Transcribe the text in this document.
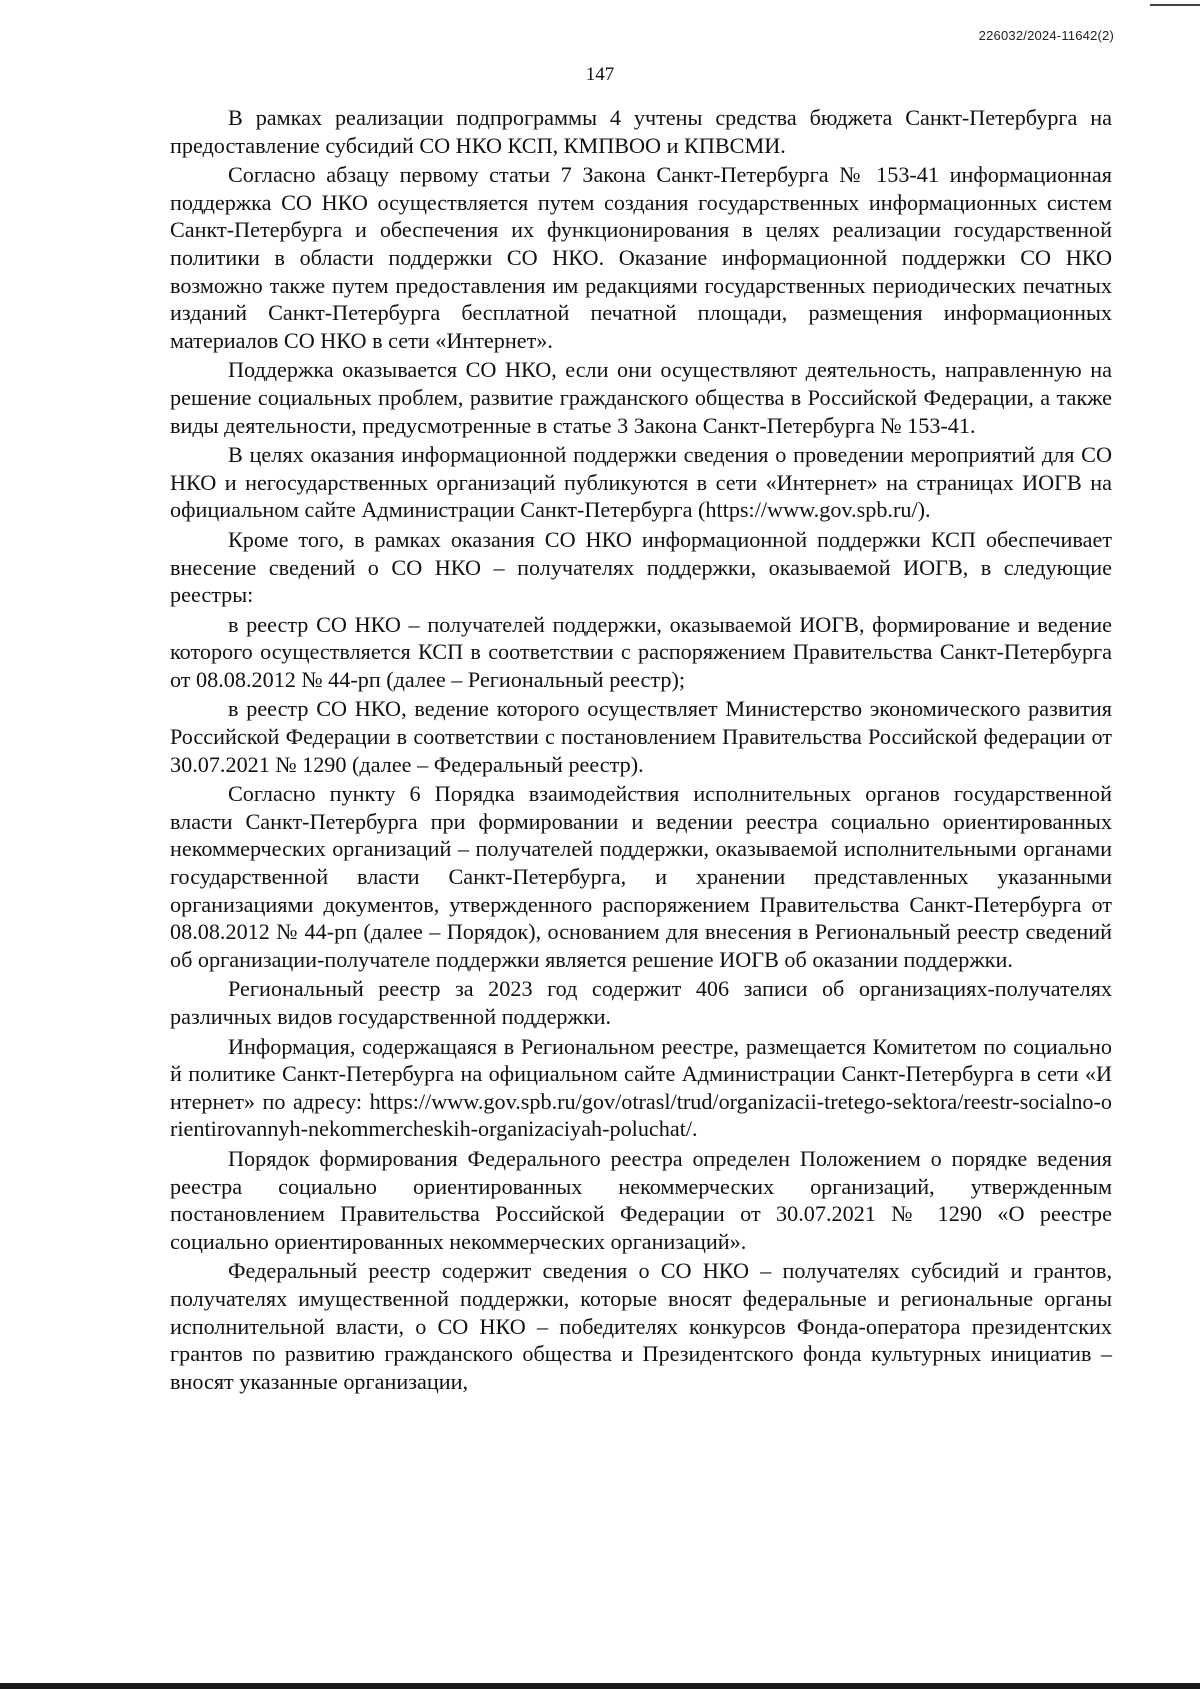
226032/2024-11642(2)
147

В рамках реализации подпрограммы 4 учтены средства бюджета Санкт-Петербурга на предоставление субсидий СО НКО КСП, КМПВОО и КПВСМИ.

Согласно абзацу первому статьи 7 Закона Санкт-Петербурга № 153-41 информационная поддержка СО НКО осуществляется путем создания государственных информационных систем Санкт-Петербурга и обеспечения их функционирования в целях реализации государственной политики в области поддержки СО НКО. Оказание информационной поддержки СО НКО возможно также путем предоставления им редакциями государственных периодических печатных изданий Санкт-Петербурга бесплатной печатной площади, размещения информационных материалов СО НКО в сети «Интернет».

Поддержка оказывается СО НКО, если они осуществляют деятельность, направленную на решение социальных проблем, развитие гражданского общества в Российской Федерации, а также виды деятельности, предусмотренные в статье 3 Закона Санкт-Петербурга № 153-41.

В целях оказания информационной поддержки сведения о проведении мероприятий для СО НКО и негосударственных организаций публикуются в сети «Интернет» на страницах ИОГВ на официальном сайте Администрации Санкт-Петербурга (https://www.gov.spb.ru/).

Кроме того, в рамках оказания СО НКО информационной поддержки КСП обеспечивает внесение сведений о СО НКО – получателях поддержки, оказываемой ИОГВ, в следующие реестры:

в реестр СО НКО – получателей поддержки, оказываемой ИОГВ, формирование и ведение которого осуществляется КСП в соответствии с распоряжением Правительства Санкт-Петербурга от 08.08.2012 № 44-рп (далее – Региональный реестр);

в реестр СО НКО, ведение которого осуществляет Министерство экономического развития Российской Федерации в соответствии с постановлением Правительства Российской федерации от 30.07.2021 № 1290 (далее – Федеральный реестр).

Согласно пункту 6 Порядка взаимодействия исполнительных органов государственной власти Санкт-Петербурга при формировании и ведении реестра социально ориентированных некоммерческих организаций – получателей поддержки, оказываемой исполнительными органами государственной власти Санкт-Петербурга, и хранении представленных указанными организациями документов, утвержденного распоряжением Правительства Санкт-Петербурга от 08.08.2012 № 44-рп (далее – Порядок), основанием для внесения в Региональный реестр сведений об организации-получателе поддержки является решение ИОГВ об оказании поддержки.

Региональный реестр за 2023 год содержит 406 записи об организациях-получателях различных видов государственной поддержки.

Информация, содержащаяся в Региональном реестре, размещается Комитетом по социальной политике Санкт-Петербурга на официальном сайте Администрации Санкт-Петербурга в сети «Интернет» по адресу: https://www.gov.spb.ru/gov/otrasl/trud/organizacii-tretego-sektora/reestr-socialno-orientirovannyh-nekommercheskih-organizaciyah-poluchat/.

Порядок формирования Федерального реестра определен Положением о порядке ведения реестра социально ориентированных некоммерческих организаций, утвержденным постановлением Правительства Российской Федерации от 30.07.2021 № 1290 «О реестре социально ориентированных некоммерческих организаций».

Федеральный реестр содержит сведения о СО НКО – получателях субсидий и грантов, получателях имущественной поддержки, которые вносят федеральные и региональные органы исполнительной власти, о СО НКО – победителях конкурсов Фонда-оператора президентских грантов по развитию гражданского общества и Президентского фонда культурных инициатив – вносят указанные организации,
